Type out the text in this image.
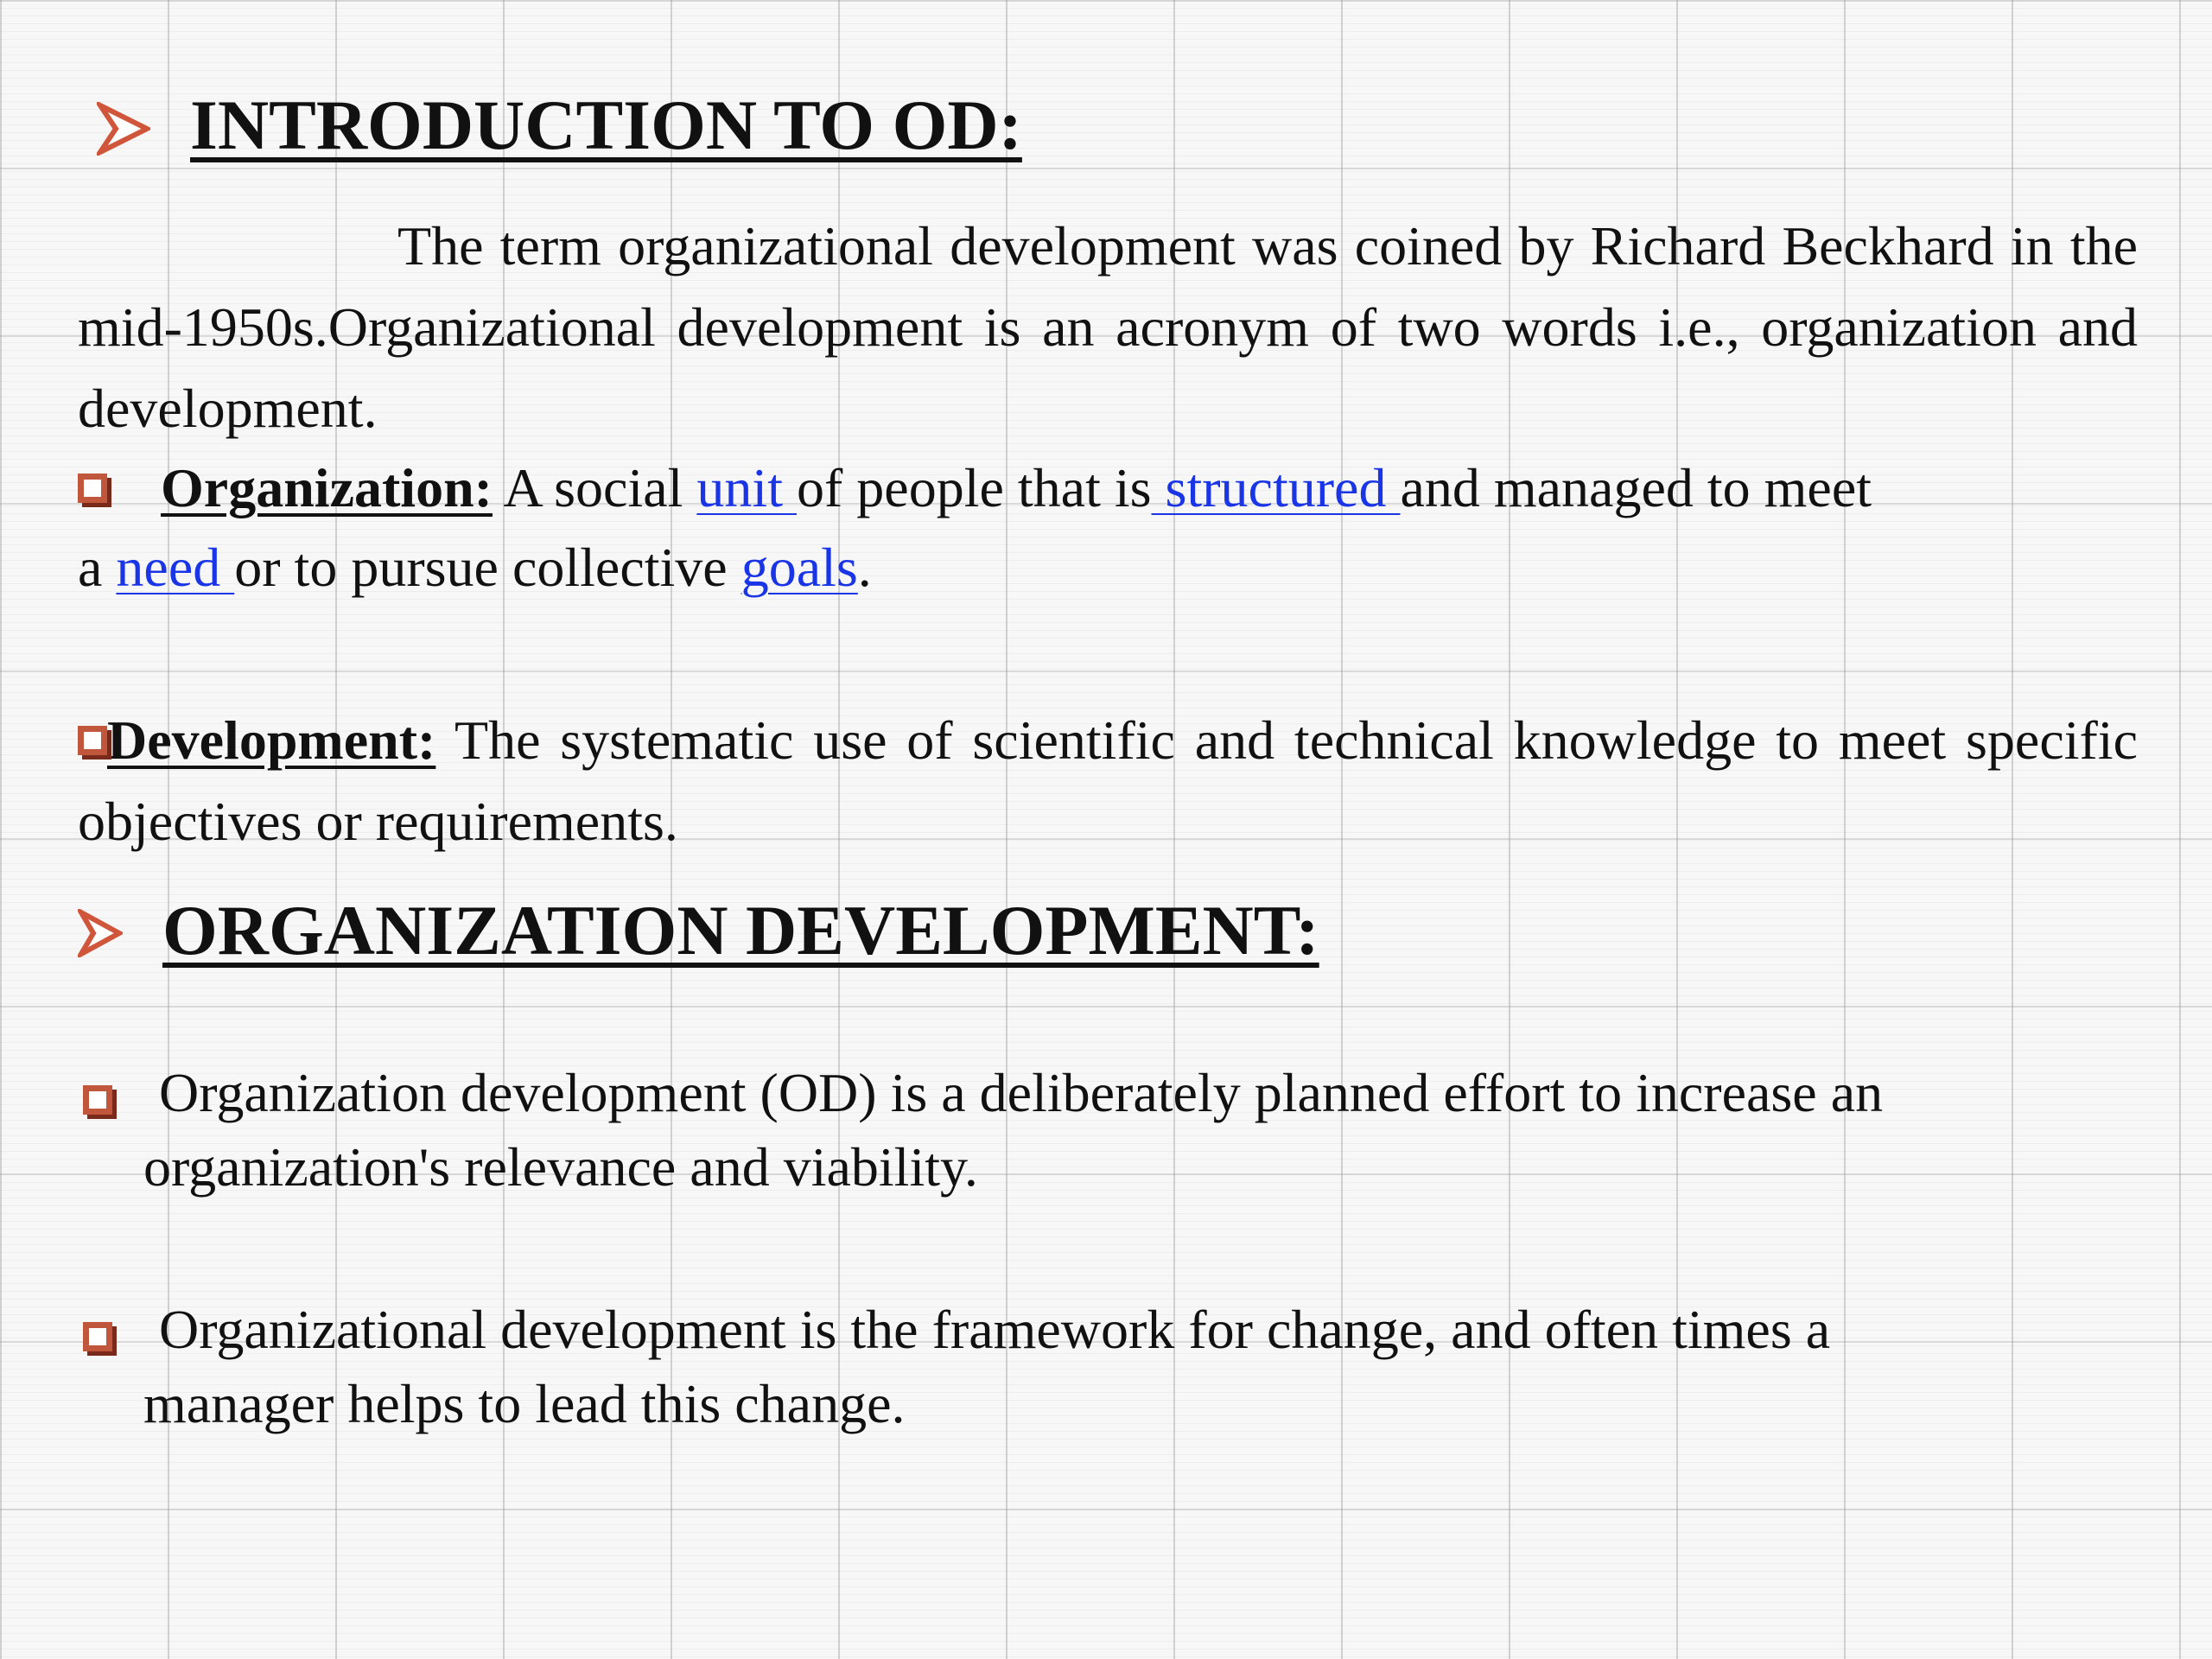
INTRODUCTION TO OD:
The term organizational development was coined by Richard Beckhard in the mid-1950s.Organizational development is an acronym of two words i.e., organization and development.
Organization: A social unit of people that is structured and managed to meet
a need or to pursue collective goals.
Development: The systematic use of scientific and technical knowledge to meet specific objectives or requirements.
ORGANIZATION DEVELOPMENT:
Organization development (OD) is a deliberately planned effort to increase an
organization's relevance and viability.
Organizational development is the framework for change, and often times a
manager helps to lead this change.
